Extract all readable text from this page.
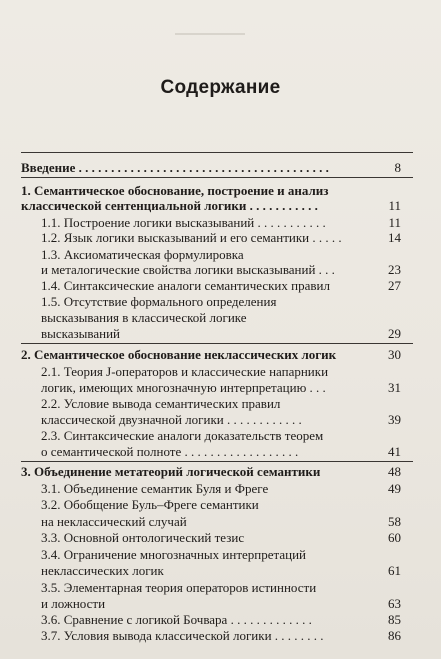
Содержание
Введение . . . . . . . . . . . . . . . . . . . . . . . . . . . . . . . . . . . . . . .	8
1. Семантическое обоснование, построение и анализ
классической сентенциальной логики . . . . . . . . . . .	11
1.1. Построение логики высказываний . . . . . . . . . . .	11
1.2. Язык логики высказываний и его семантики . . . . .	14
1.3. Аксиоматическая формулировка
и металогические свойства логики высказываний . . .	23
1.4. Синтаксические аналоги семантических правил	27
1.5. Отсутствие формального определения
высказывания в классической логике
высказываний	29
2. Семантическое обоснование неклассических логик	30
2.1. Теория J-операторов и классические напарники
логик, имеющих многозначную интерпретацию . . .	31
2.2. Условие вывода семантических правил
классической двузначной логики . . . . . . . . . . . .	39
2.3. Синтаксические аналоги доказательств теорем
о семантической полноте . . . . . . . . . . . . . . . . . .	41
3. Объединение метатеорий логической семантики	48
3.1. Объединение семантик Буля и Фреге	49
3.2. Обобщение Буль–Фреге семантики
на неклассический случай	58
3.3. Основной онтологический тезис	60
3.4. Ограничение многозначных интерпретаций
неклассических логик	61
3.5. Элементарная теория операторов истинности
и ложности	63
3.6. Сравнение с логикой Бочвара . . . . . . . . . . . . .	85
3.7. Условия вывода классической логики . . . . . . . .	86
